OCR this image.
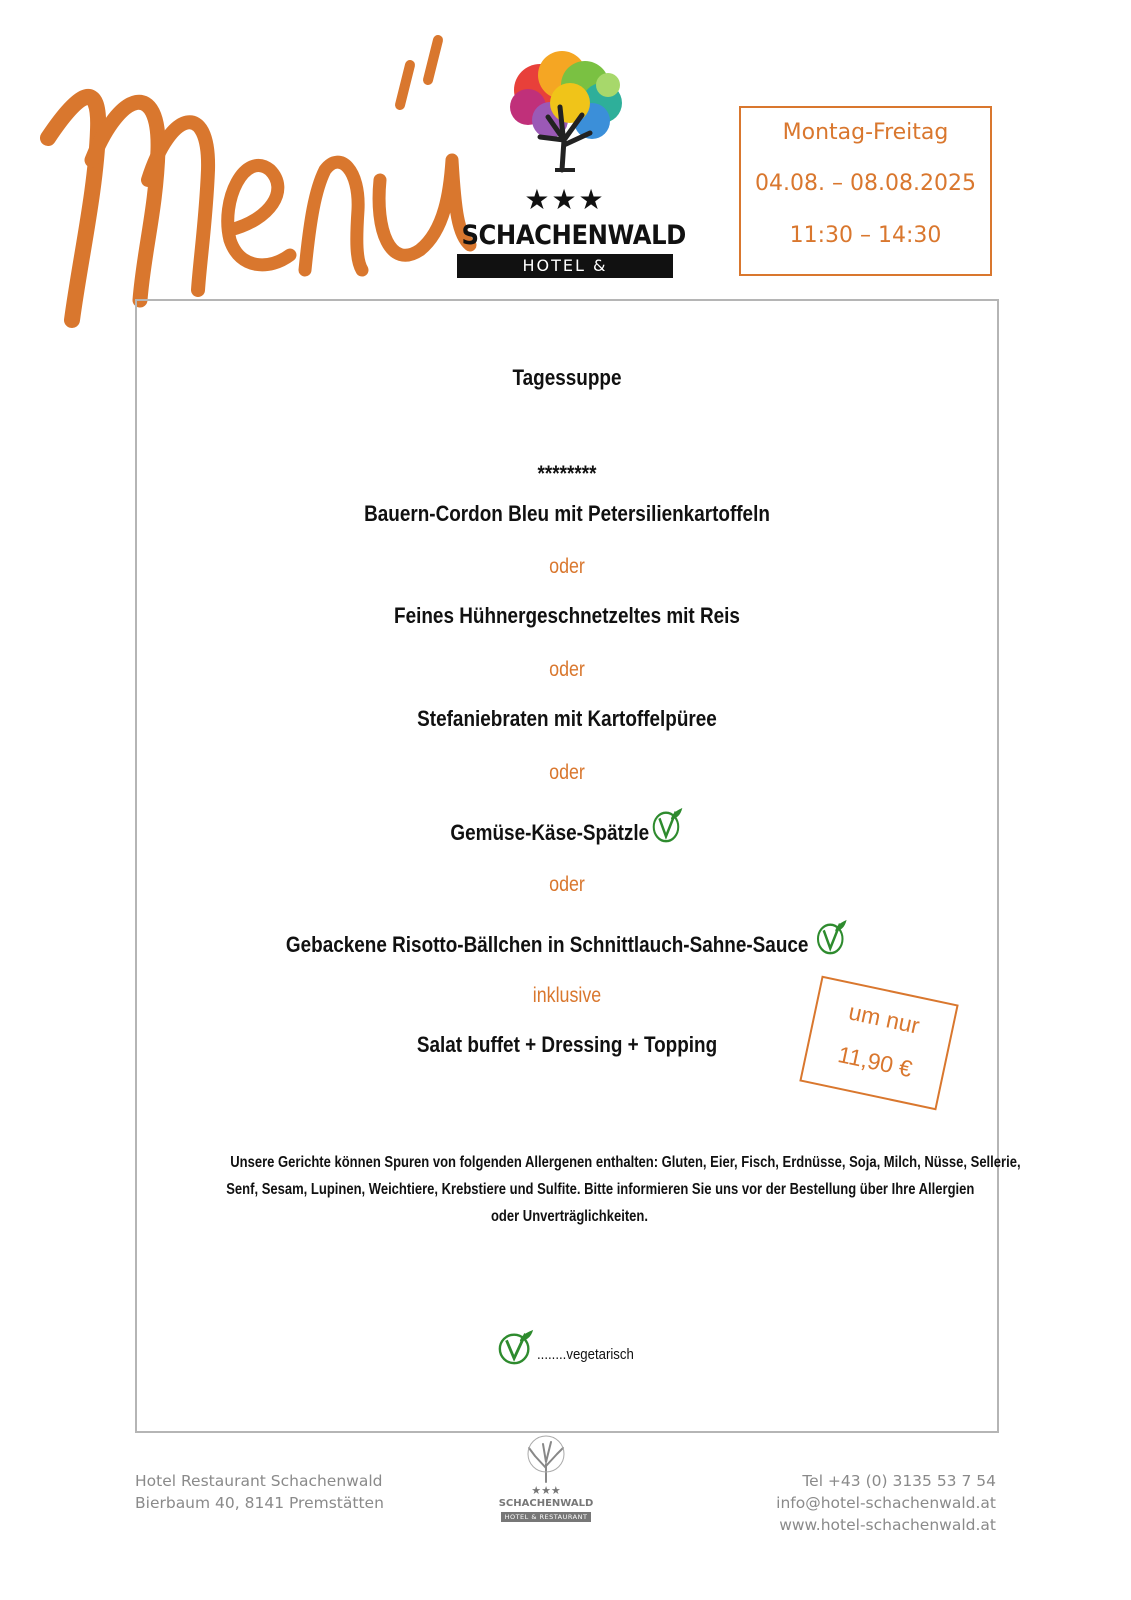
★★★
SCHACHENWALD
HOTEL & RESTAURANT
Montag-Freitag
04.08. – 08.08.2025
11:30 – 14:30
Tagessuppe
********
Bauern-Cordon Bleu mit Petersilienkartoffeln
oder
Feines Hühnergeschnetzeltes mit Reis
oder
Stefaniebraten mit Kartoffelpüree
oder
Gemüse-Käse-Spätzle
oder
Gebackene Risotto-Bällchen in Schnittlauch-Sahne-Sauce
inklusive
Salat buffet + Dressing + Topping
um nur
11,90 €
Unsere Gerichte können Spuren von folgenden Allergenen enthalten: Gluten, Eier, Fisch, Erdnüsse, Soja, Milch, Nüsse, Sellerie,
Senf, Sesam, Lupinen, Weichtiere, Krebstiere und Sulfite. Bitte informieren Sie uns vor der Bestellung über Ihre Allergien
oder Unverträglichkeiten.
........vegetarisch
Hotel Restaurant Schachenwald
Bierbaum 40, 8141 Premstätten
★★★
SCHACHENWALD
HOTEL & RESTAURANT
Tel +43 (0) 3135 53 7 54
info@hotel-schachenwald.at
www.hotel-schachenwald.at
